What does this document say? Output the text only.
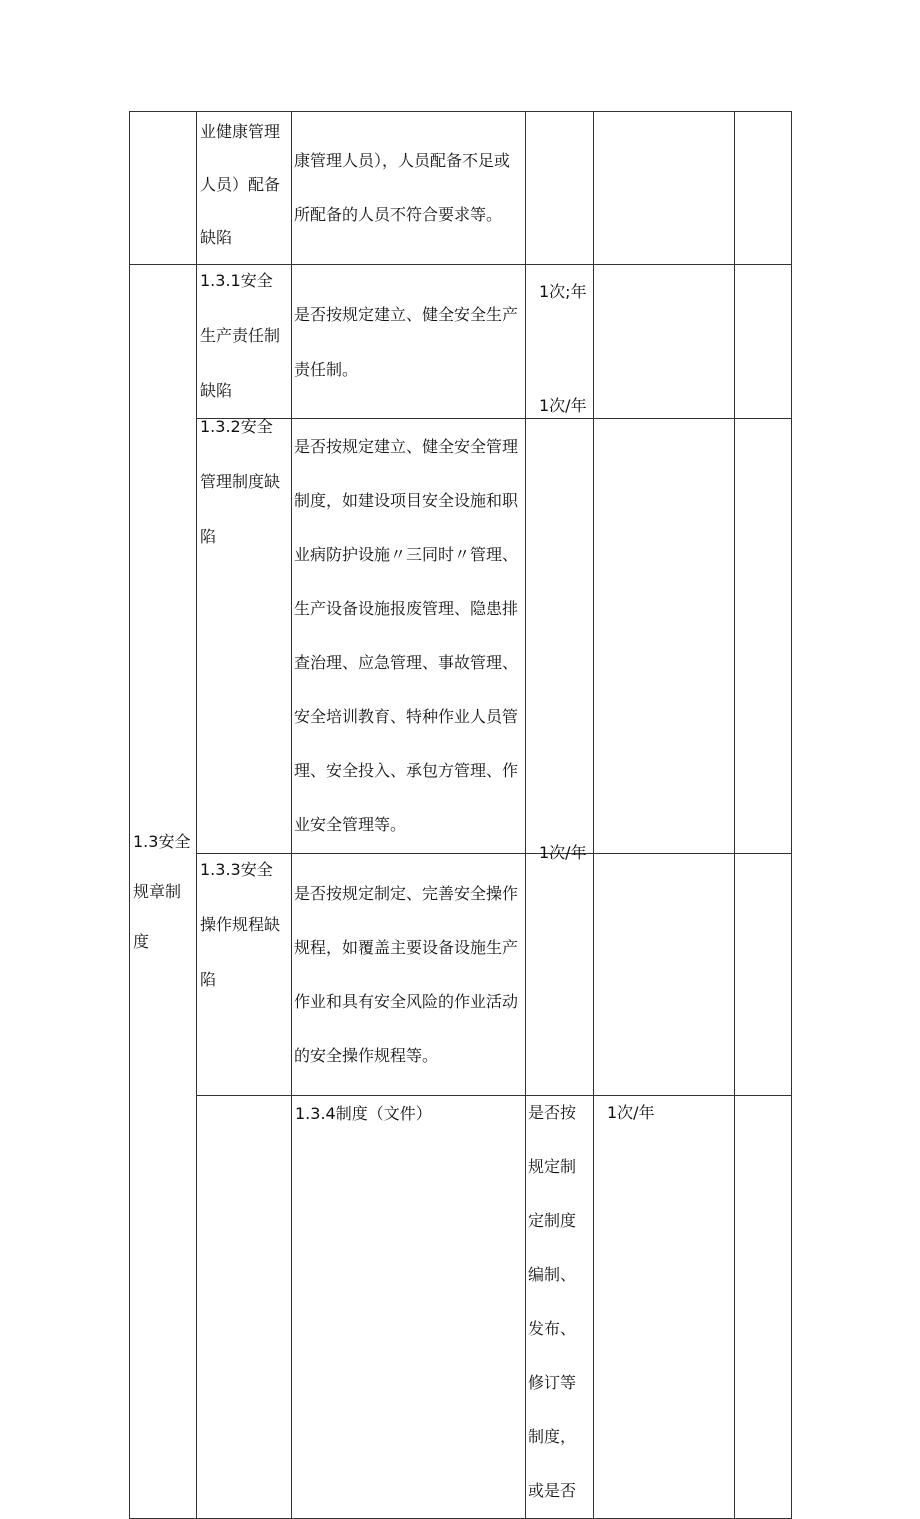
	业健康管理人员）配备缺陷	康管理人员），人员配备不足或所配备的人员不符合要求等。				

1.3安全规章制度	1.3.1安全生产责任制缺陷	是否按规定建立、健全安全生产责任制。	1次;年			

	1.3.2安全管理制度缺陷	是否按规定建立、健全安全管理制度，如建设项目安全设施和职业病防护设施〃三同时〃管理、生产设备设施报废管理、隐患排查治理、应急管理、事故管理、安全培训教育、特种作业人员管理、安全投入、承包方管理、作业安全管理等。	1次/年			

	1.3.3安全操作规程缺陷	是否按规定制定、完善安全操作规程，如覆盖主要设备设施生产作业和具有安全风险的作业活动的安全操作规程等。	1次/年			

		1.3.4制度（文件）	是否按规定制定制度编制、发布、修订等制度，或是否	1次/年		
